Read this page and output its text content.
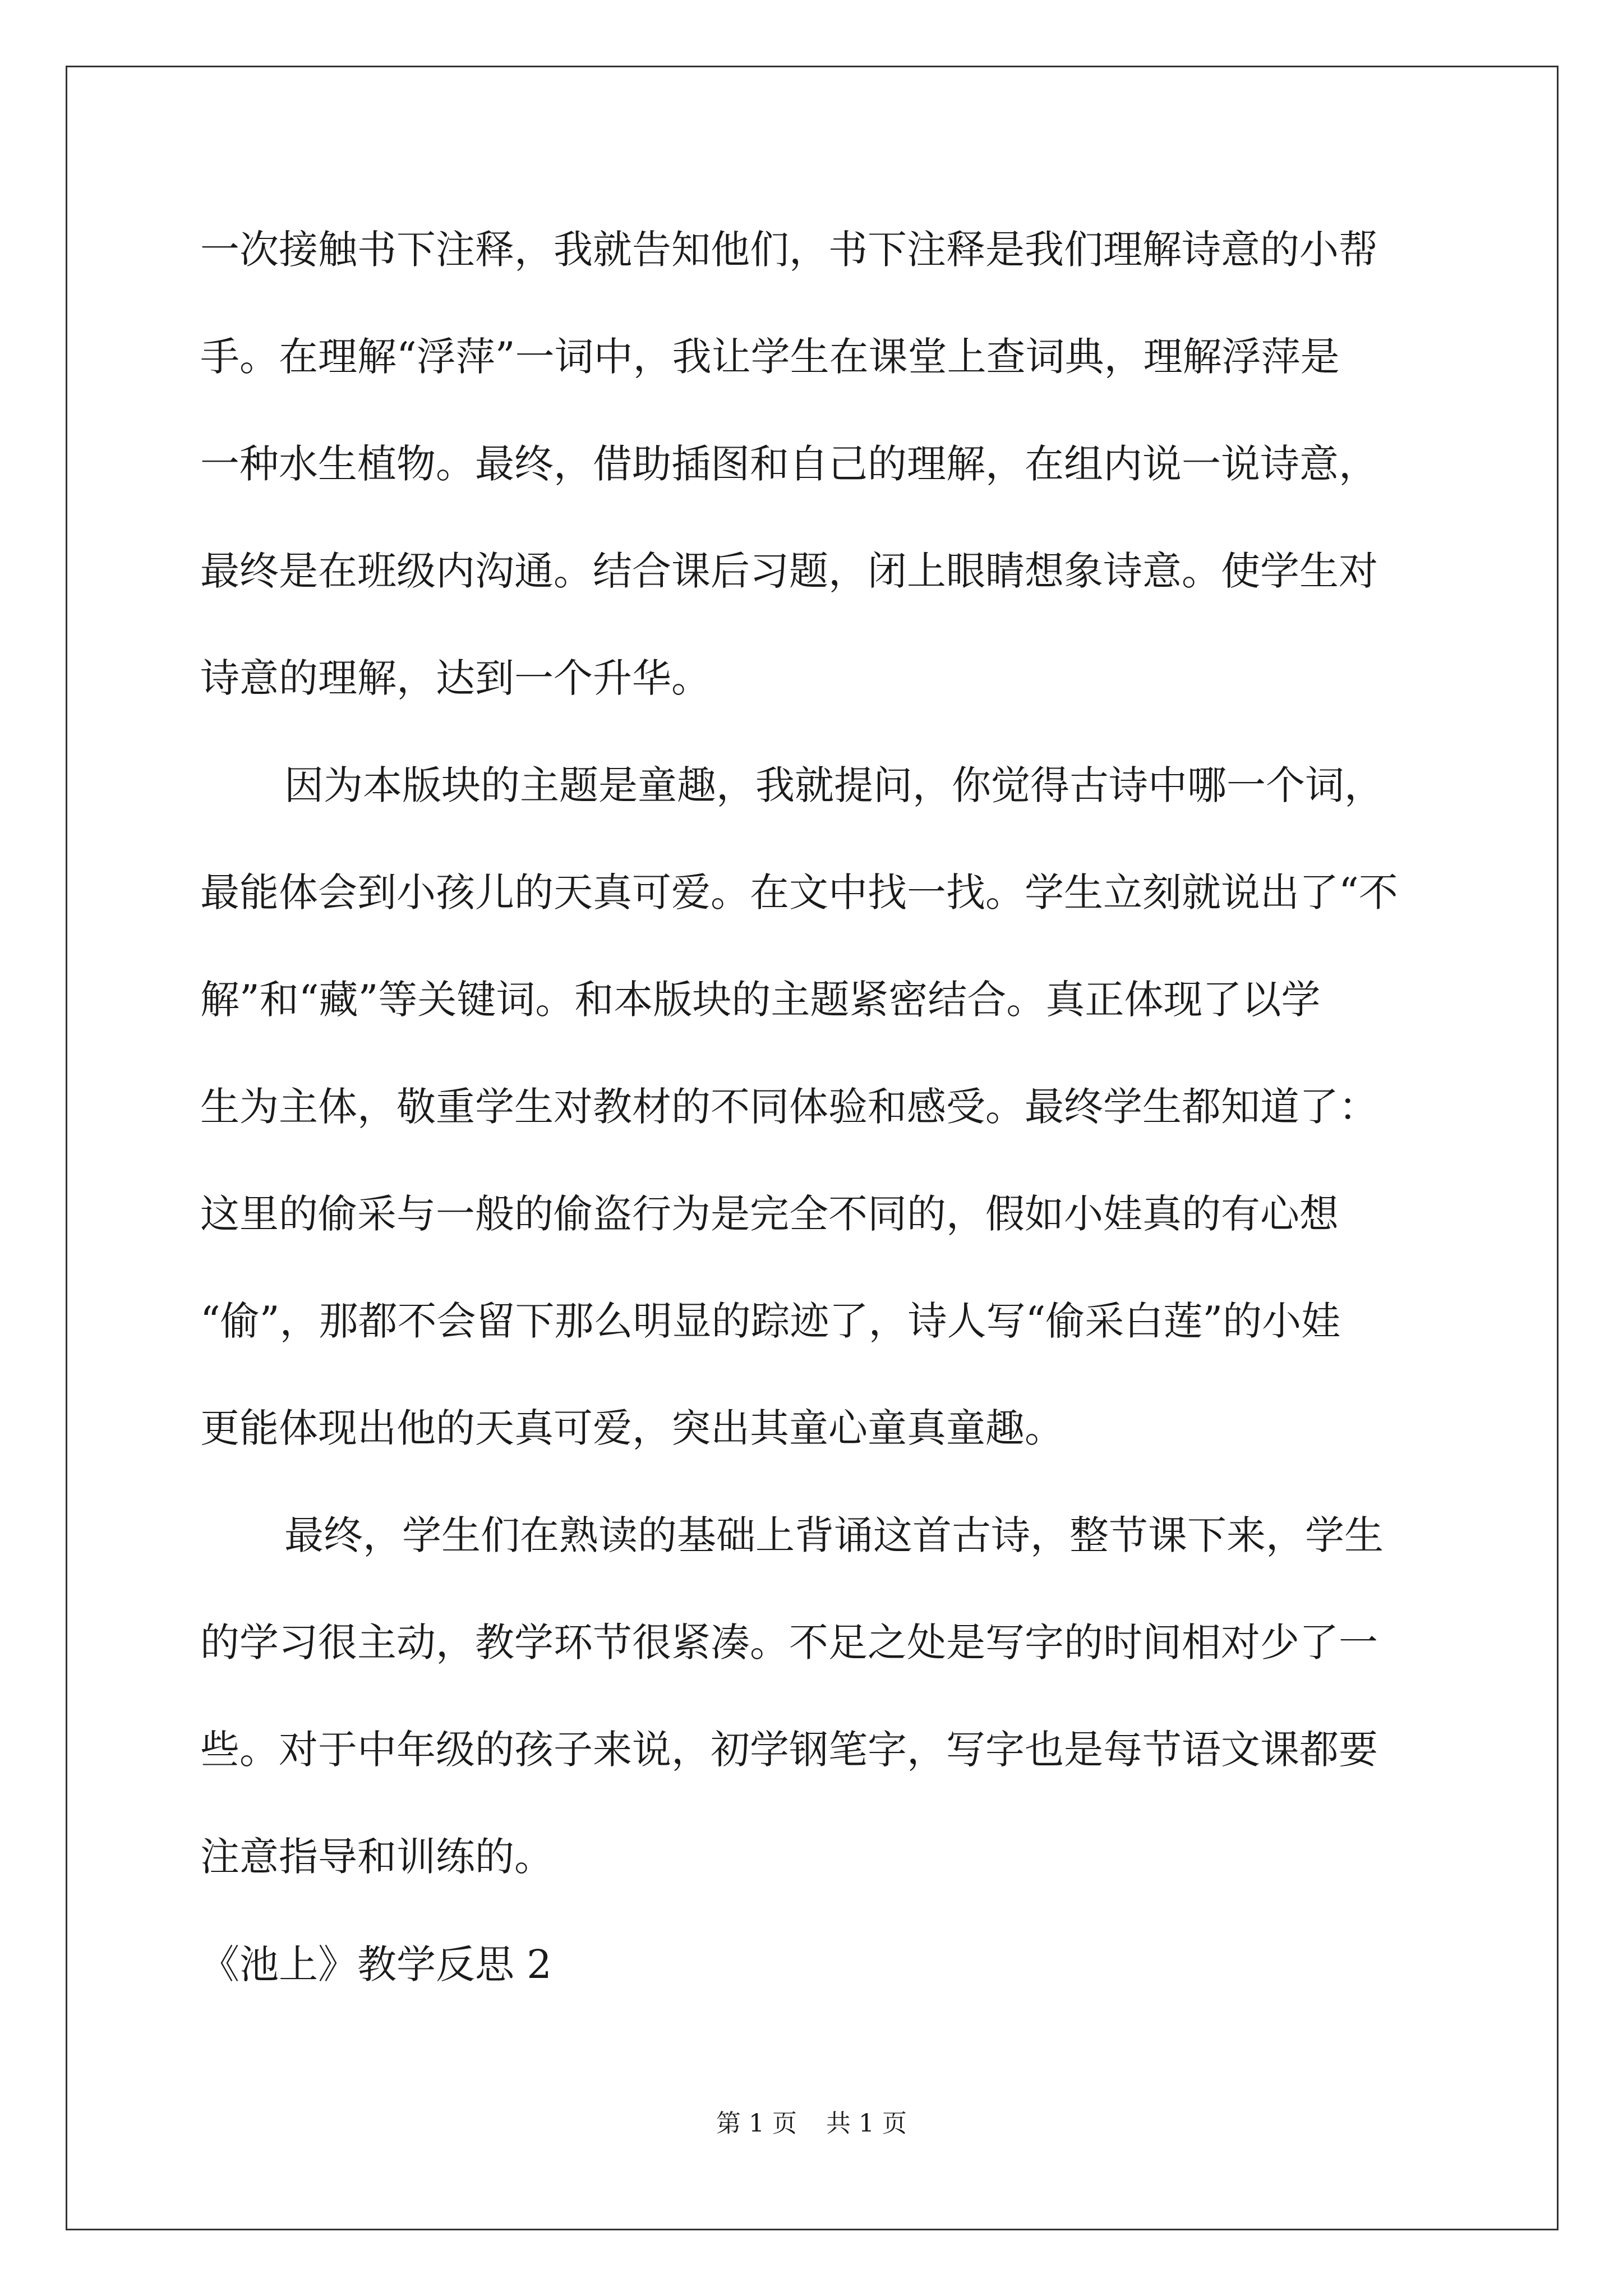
一次接触书下注释，我就告知他们，书下注释是我们理解诗意的小帮
手。在理解“浮萍”一词中，我让学生在课堂上查词典，理解浮萍是
一种水生植物。最终，借助插图和自己的理解，在组内说一说诗意，
最终是在班级内沟通。结合课后习题，闭上眼睛想象诗意。使学生对
诗意的理解，达到一个升华。
因为本版块的主题是童趣，我就提问，你觉得古诗中哪一个词，
最能体会到小孩儿的天真可爱。在文中找一找。学生立刻就说出了“不
解”和“藏”等关键词。和本版块的主题紧密结合。真正体现了以学
生为主体，敬重学生对教材的不同体验和感受。最终学生都知道了：
这里的偷采与一般的偷盗行为是完全不同的，假如小娃真的有心想
“偷”，那都不会留下那么明显的踪迹了，诗人写“偷采白莲”的小娃
更能体现出他的天真可爱，突出其童心童真童趣。
最终，学生们在熟读的基础上背诵这首古诗，整节课下来，学生
的学习很主动，教学环节很紧凑。不足之处是写字的时间相对少了一
些。对于中年级的孩子来说，初学钢笔字，写字也是每节语文课都要
注意指导和训练的。
《池上》教学反思 2
第 1 页 共 1 页
